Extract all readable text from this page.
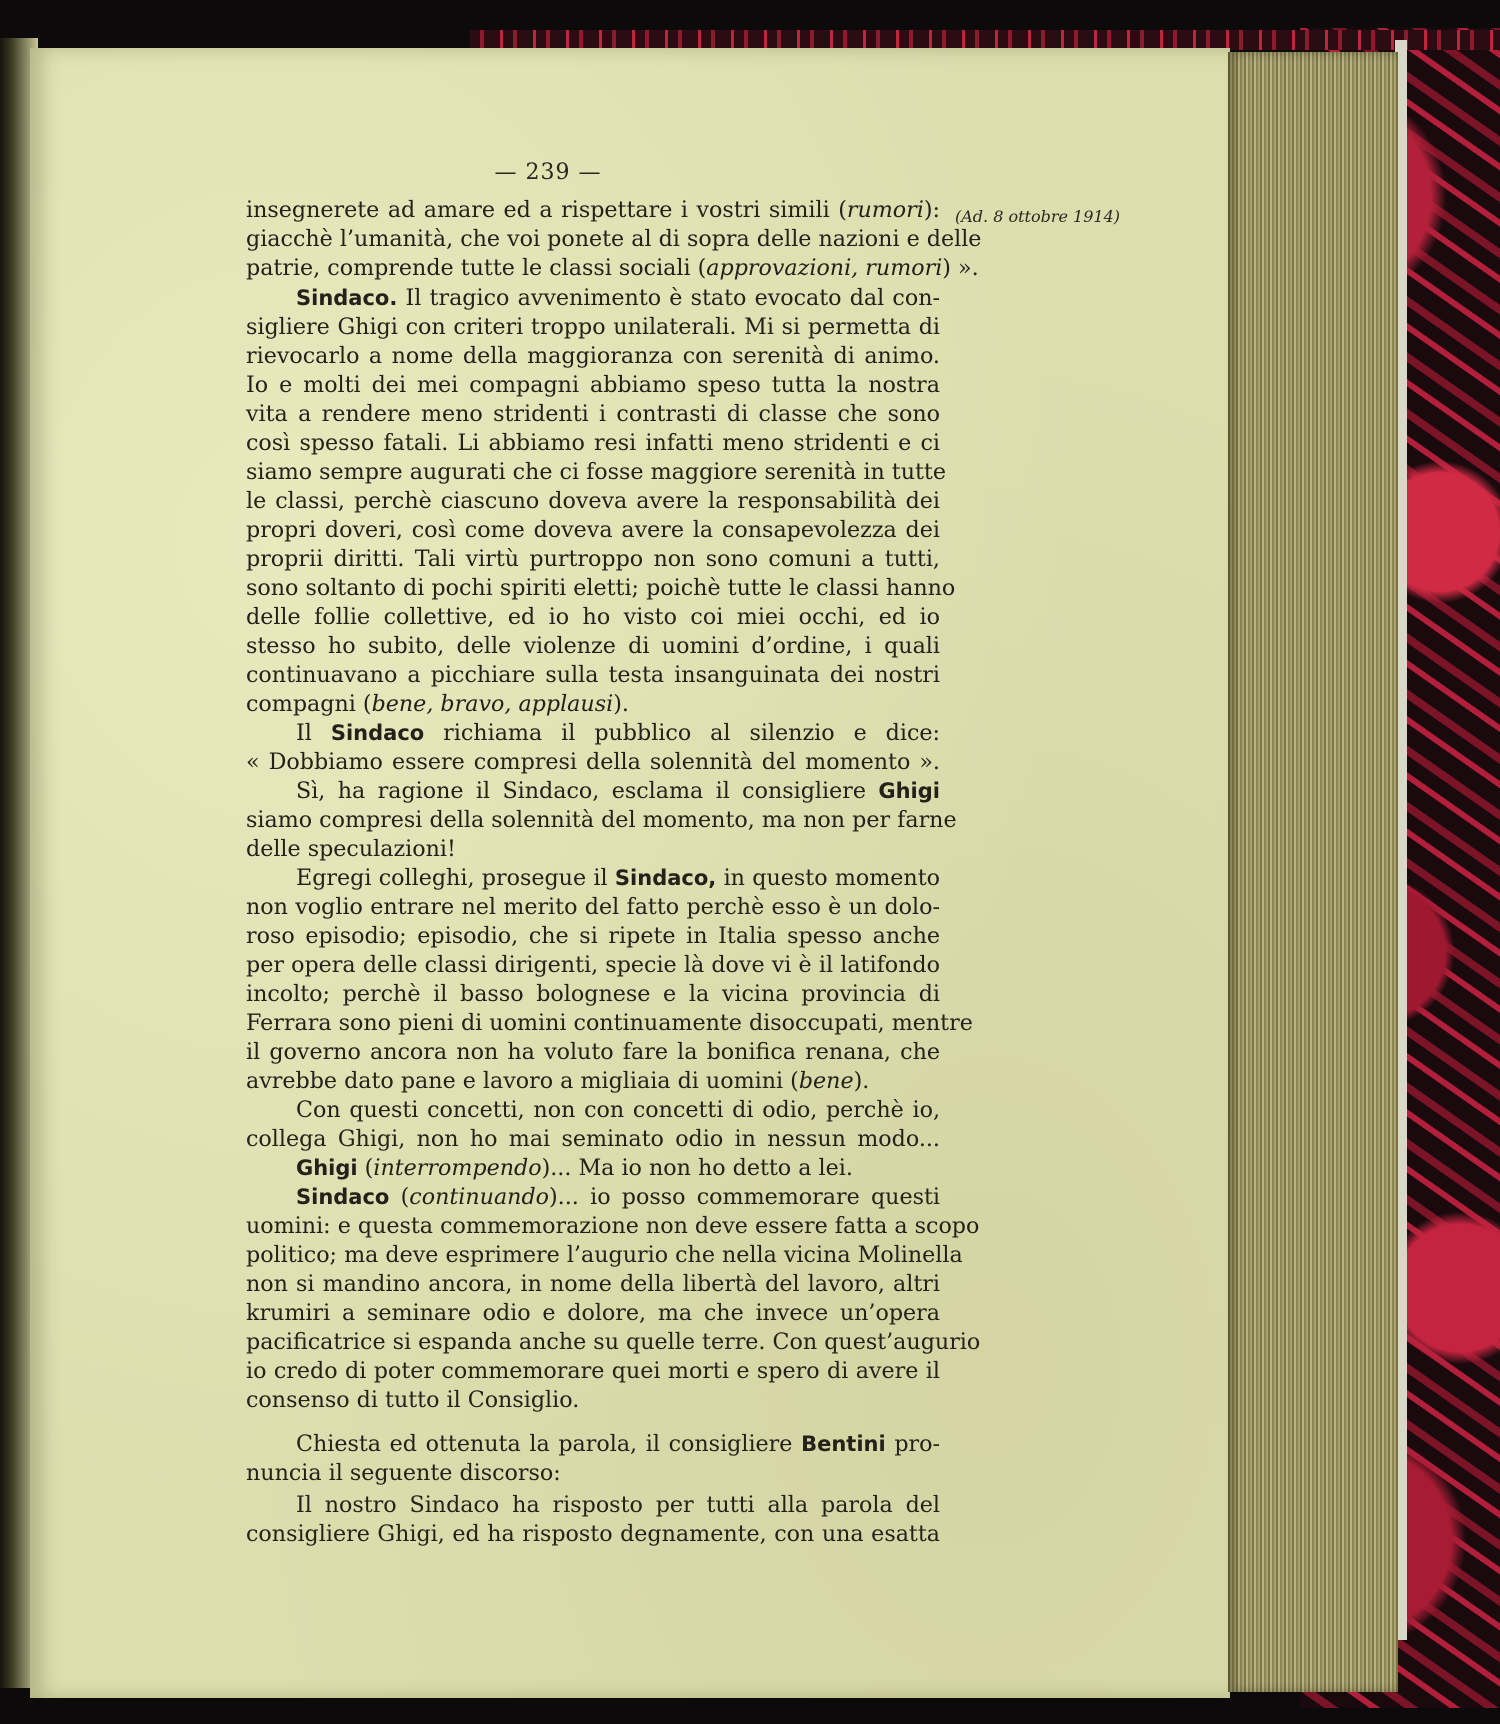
— 239 —
(Ad. 8 ottobre 1914)
insegnerete ad amare ed a rispettare i vostri simili (rumori):
giacchè l’umanità, che voi ponete al di sopra delle nazioni e delle
patrie, comprende tutte le classi sociali (approvazioni, rumori) ».
Sindaco. Il tragico avvenimento è stato evocato dal con-
sigliere Ghigi con criteri troppo unilaterali. Mi si permetta di
rievocarlo a nome della maggioranza con serenità di animo.
Io e molti dei mei compagni abbiamo speso tutta la nostra
vita a rendere meno stridenti i contrasti di classe che sono
così spesso fatali. Li abbiamo resi infatti meno stridenti e ci
siamo sempre augurati che ci fosse maggiore serenità in tutte
le classi, perchè ciascuno doveva avere la responsabilità dei
propri doveri, così come doveva avere la consapevolezza dei
proprii diritti. Tali virtù purtroppo non sono comuni a tutti,
sono soltanto di pochi spiriti eletti; poichè tutte le classi hanno
delle follie collettive, ed io ho visto coi miei occhi, ed io
stesso ho subito, delle violenze di uomini d’ordine, i quali
continuavano a picchiare sulla testa insanguinata dei nostri
compagni (bene, bravo, applausi).
Il Sindaco richiama il pubblico al silenzio e dice:
« Dobbiamo essere compresi della solennità del momento ».
Sì, ha ragione il Sindaco, esclama il consigliere Ghigi
siamo compresi della solennità del momento, ma non per farne
delle speculazioni!
Egregi colleghi, prosegue il Sindaco, in questo momento
non voglio entrare nel merito del fatto perchè esso è un dolo-
roso episodio; episodio, che si ripete in Italia spesso anche
per opera delle classi dirigenti, specie là dove vi è il latifondo
incolto; perchè il basso bolognese e la vicina provincia di
Ferrara sono pieni di uomini continuamente disoccupati, mentre
il governo ancora non ha voluto fare la bonifica renana, che
avrebbe dato pane e lavoro a migliaia di uomini (bene).
Con questi concetti, non con concetti di odio, perchè io,
collega Ghigi, non ho mai seminato odio in nessun modo...
Ghigi (interrompendo)... Ma io non ho detto a lei.
Sindaco (continuando)... io posso commemorare questi
uomini: e questa commemorazione non deve essere fatta a scopo
politico; ma deve esprimere l’augurio che nella vicina Molinella
non si mandino ancora, in nome della libertà del lavoro, altri
krumiri a seminare odio e dolore, ma che invece un’opera
pacificatrice si espanda anche su quelle terre. Con quest’augurio
io credo di poter commemorare quei morti e spero di avere il
consenso di tutto il Consiglio.
Chiesta ed ottenuta la parola, il consigliere Bentini pro-
nuncia il seguente discorso:
Il nostro Sindaco ha risposto per tutti alla parola del
consigliere Ghigi, ed ha risposto degnamente, con una esatta
